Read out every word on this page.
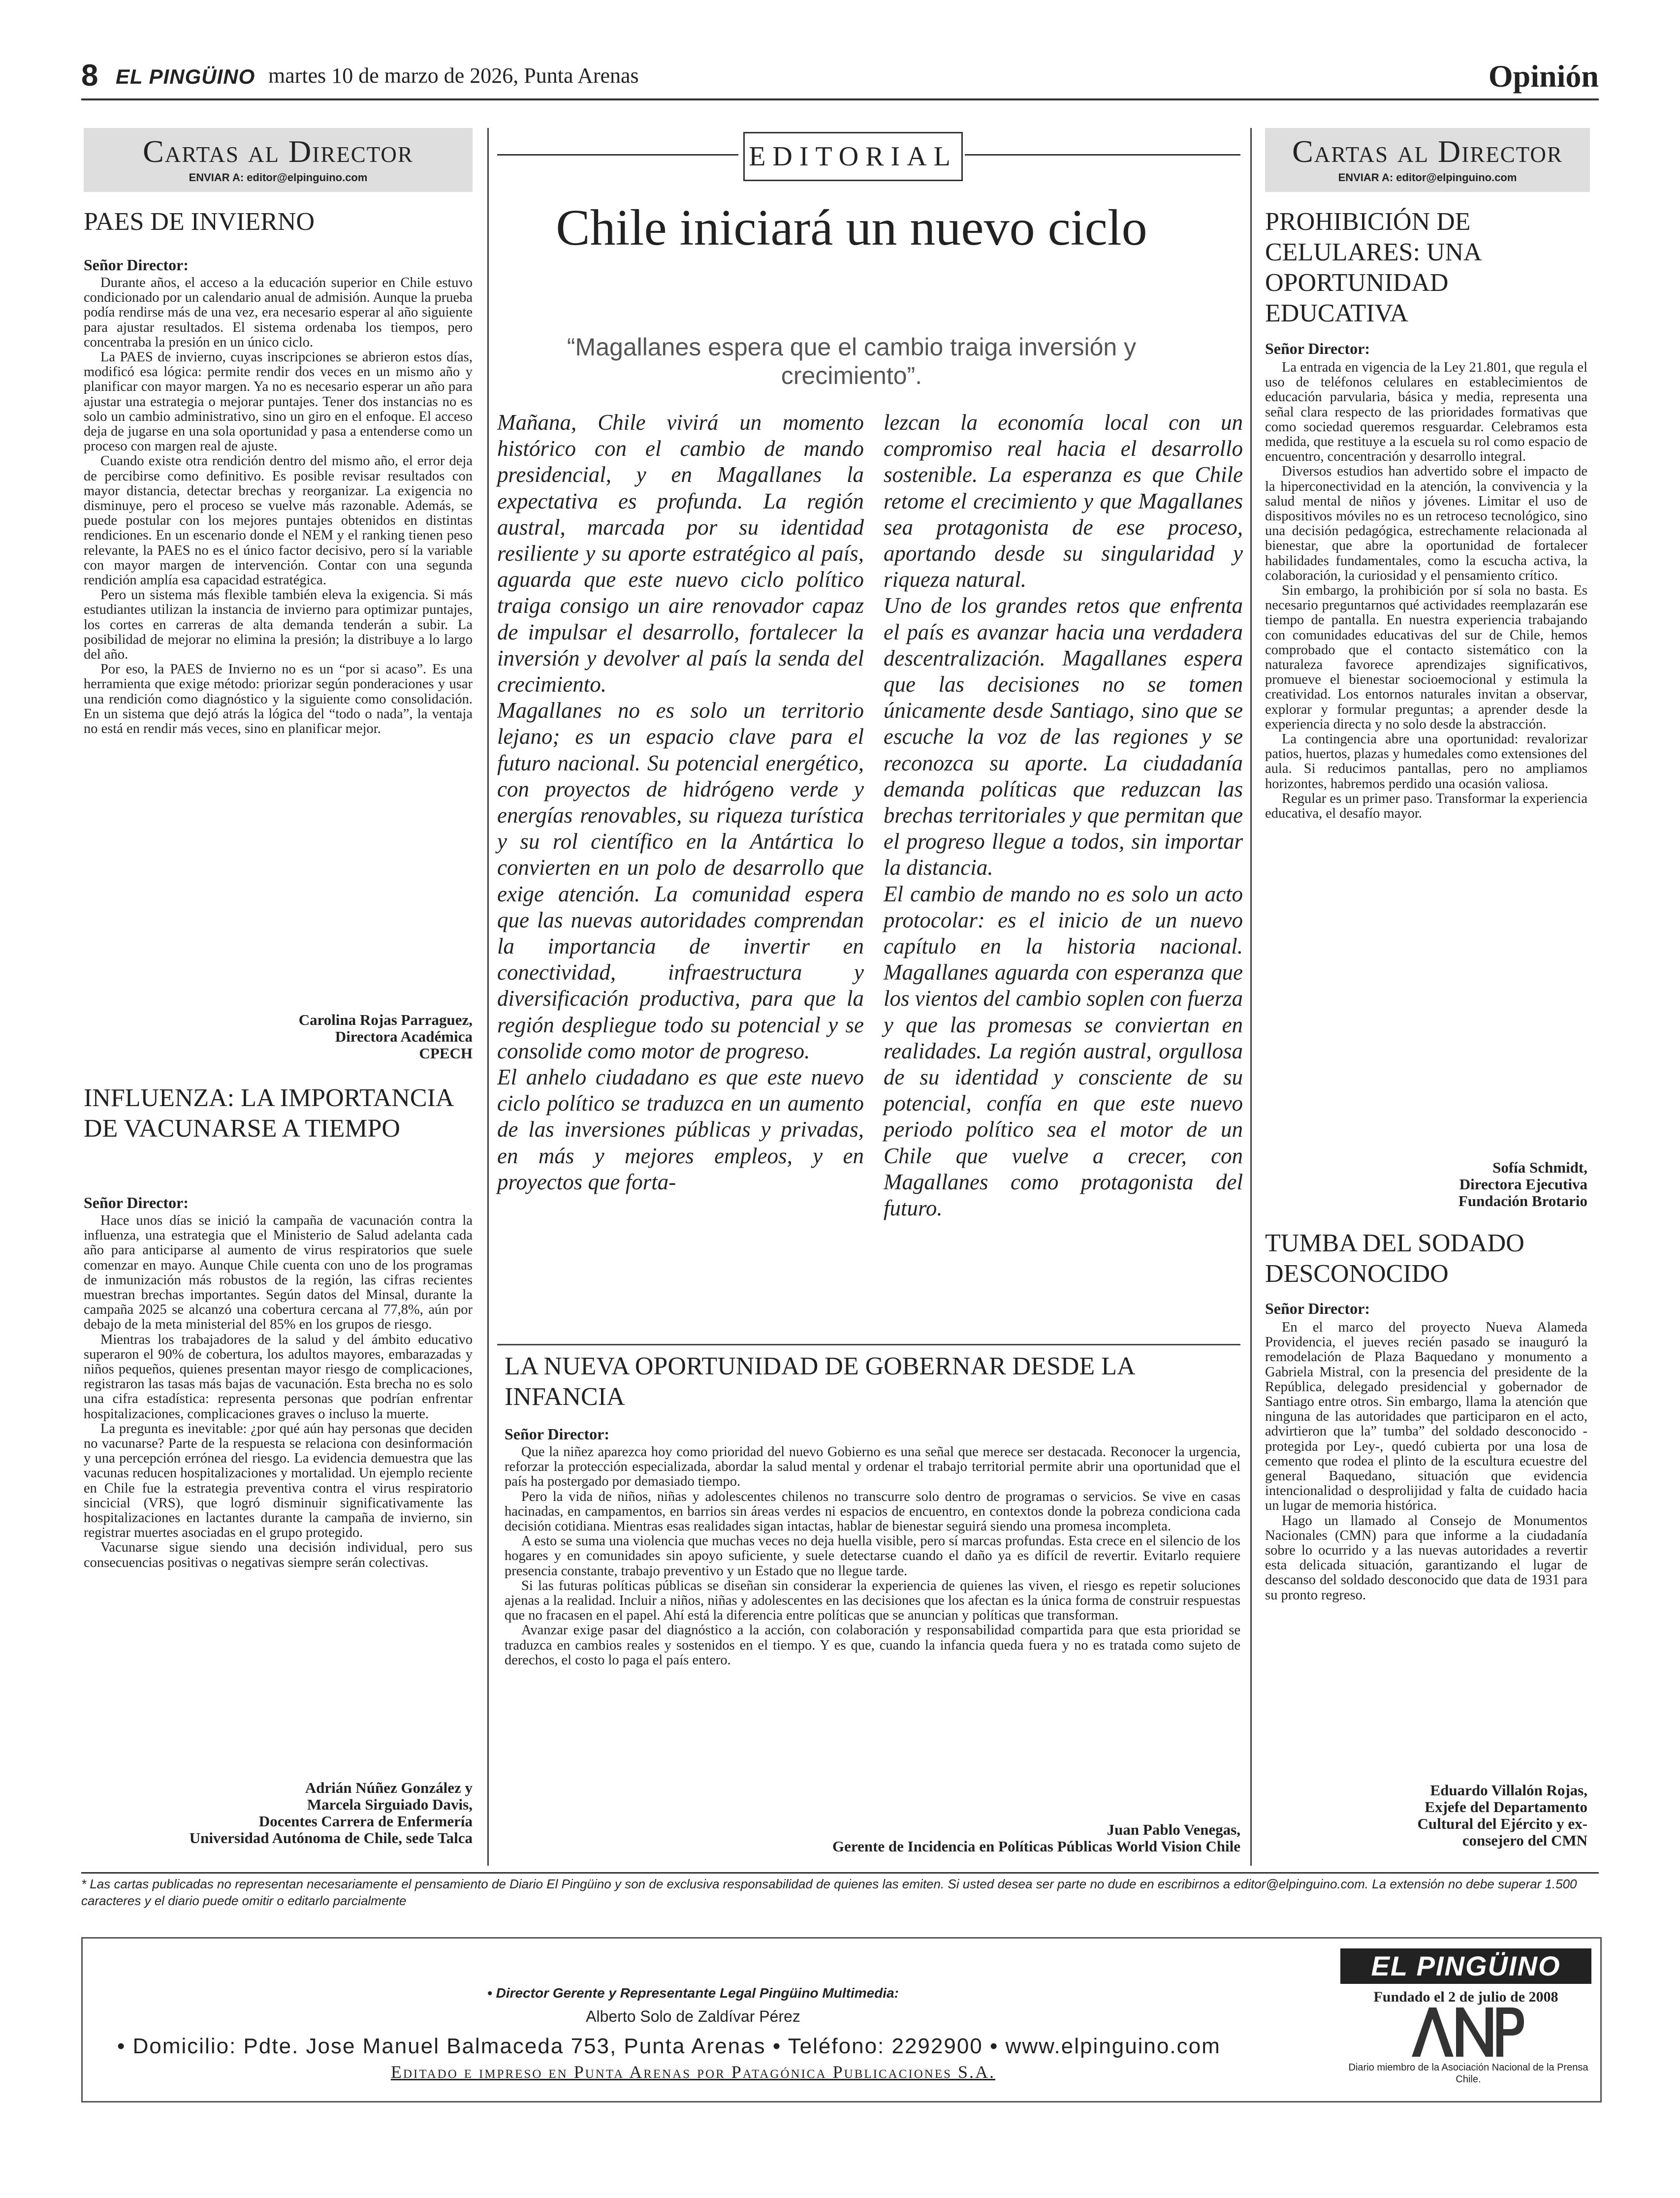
8 EL PINGÜINO martes 10 de marzo de 2026, Punta Arenas	Opinión
Cartas al Director
ENVIAR A: editor@elpinguino.com
PAES DE INVIERNO
Señor Director:

Durante años, el acceso a la educación superior en Chile estuvo condicionado por un calendario anual de admisión. Aunque la prueba podía rendirse más de una vez, era necesario esperar al año siguiente para ajustar resultados. El sistema ordenaba los tiempos, pero concentraba la presión en un único ciclo.

La PAES de invierno, cuyas inscripciones se abrieron estos días, modificó esa lógica: permite rendir dos veces en un mismo año y planificar con mayor margen. Ya no es necesario esperar un año para ajustar una estrategia o mejorar puntajes. Tener dos instancias no es solo un cambio administrativo, sino un giro en el enfoque. El acceso deja de jugarse en una sola oportunidad y pasa a entenderse como un proceso con margen real de ajuste.

Cuando existe otra rendición dentro del mismo año, el error deja de percibirse como definitivo. Es posible revisar resultados con mayor distancia, detectar brechas y reorganizar. La exigencia no disminuye, pero el proceso se vuelve más razonable. Además, se puede postular con los mejores puntajes obtenidos en distintas rendiciones. En un escenario donde el NEM y el ranking tienen peso relevante, la PAES no es el único factor decisivo, pero sí la variable con mayor margen de intervención. Contar con una segunda rendición amplía esa capacidad estratégica.

Pero un sistema más flexible también eleva la exigencia. Si más estudiantes utilizan la instancia de invierno para optimizar puntajes, los cortes en carreras de alta demanda tenderán a subir. La posibilidad de mejorar no elimina la presión; la distribuye a lo largo del año.

Por eso, la PAES de Invierno no es un “por si acaso”. Es una herramienta que exige método: priorizar según ponderaciones y usar una rendición como diagnóstico y la siguiente como consolidación. En un sistema que dejó atrás la lógica del “todo o nada”, la ventaja no está en rendir más veces, sino en planificar mejor.

Carolina Rojas Parraguez,
Directora Académica
CPECH
INFLUENZA: LA IMPORTANCIA DE VACUNARSE A TIEMPO
Señor Director:

Hace unos días se inició la campaña de vacunación contra la influenza, una estrategia que el Ministerio de Salud adelanta cada año para anticiparse al aumento de virus respiratorios que suele comenzar en mayo. Aunque Chile cuenta con uno de los programas de inmunización más robustos de la región, las cifras recientes muestran brechas importantes. Según datos del Minsal, durante la campaña 2025 se alcanzó una cobertura cercana al 77,8%, aún por debajo de la meta ministerial del 85% en los grupos de riesgo.

Mientras los trabajadores de la salud y del ámbito educativo superaron el 90% de cobertura, los adultos mayores, embarazadas y niños pequeños, quienes presentan mayor riesgo de complicaciones, registraron las tasas más bajas de vacunación. Esta brecha no es solo una cifra estadística: representa personas que podrían enfrentar hospitalizaciones, complicaciones graves o incluso la muerte.

La pregunta es inevitable: ¿por qué aún hay personas que deciden no vacunarse? Parte de la respuesta se relaciona con desinformación y una percepción errónea del riesgo. La evidencia demuestra que las vacunas reducen hospitalizaciones y mortalidad. Un ejemplo reciente en Chile fue la estrategia preventiva contra el virus respiratorio sincicial (VRS), que logró disminuir significativamente las hospitalizaciones en lactantes durante la campaña de invierno, sin registrar muertes asociadas en el grupo protegido.

Vacunarse sigue siendo una decisión individual, pero sus consecuencias positivas o negativas siempre serán colectivas.

Adrián Núñez González y
Marcela Sirguiado Davis,
Docentes Carrera de Enfermería
Universidad Autónoma de Chile, sede Talca
EDITORIAL
Chile iniciará un nuevo ciclo
“Magallanes espera que el cambio traiga inversión y crecimiento”.

Mañana, Chile vivirá un momento histórico con el cambio de mando presidencial, y en Magallanes la expectativa es profunda. La región austral, marcada por su identidad resiliente y su aporte estratégico al país, aguarda que este nuevo ciclo político traiga consigo un aire renovador capaz de impulsar el desarrollo, fortalecer la inversión y devolver al país la senda del crecimiento.

Magallanes no es solo un territorio lejano; es un espacio clave para el futuro nacional. Su potencial energético, con proyectos de hidrógeno verde y energías renovables, su riqueza turística y su rol científico en la Antártica lo convierten en un polo de desarrollo que exige atención. La comunidad espera que las nuevas autoridades comprendan la importancia de invertir en conectividad, infraestructura y diversificación productiva, para que la región despliegue todo su potencial y se consolide como motor de progreso.

El anhelo ciudadano es que este nuevo ciclo político se traduzca en un aumento de las inversiones públicas y privadas, en más y mejores empleos, y en proyectos que forta-

lezcan la economía local con un compromiso real hacia el desarrollo sostenible. La esperanza es que Chile retome el crecimiento y que Magallanes sea protagonista de ese proceso, aportando desde su singularidad y riqueza natural.

Uno de los grandes retos que enfrenta el país es avanzar hacia una verdadera descentralización. Magallanes espera que las decisiones no se tomen únicamente desde Santiago, sino que se escuche la voz de las regiones y se reconozca su aporte. La ciudadanía demanda políticas que reduzcan las brechas territoriales y que permitan que el progreso llegue a todos, sin importar la distancia.

El cambio de mando no es solo un acto protocolar: es el inicio de un nuevo capítulo en la historia nacional. Magallanes aguarda con esperanza que los vientos del cambio soplen con fuerza y que las promesas se conviertan en realidades. La región austral, orgullosa de su identidad y consciente de su potencial, confía en que este nuevo periodo político sea el motor de un Chile que vuelve a crecer, con Magallanes como protagonista del futuro.

LA NUEVA OPORTUNIDAD DE GOBERNAR DESDE LA INFANCIA
Señor Director:

Que la niñez aparezca hoy como prioridad del nuevo Gobierno es una señal que merece ser destacada. Reconocer la urgencia, reforzar la protección especializada, abordar la salud mental y ordenar el trabajo territorial permite abrir una oportunidad que el país ha postergado por demasiado tiempo.

Pero la vida de niños, niñas y adolescentes chilenos no transcurre solo dentro de programas o servicios. Se vive en casas hacinadas, en campamentos, en barrios sin áreas verdes ni espacios de encuentro, en contextos donde la pobreza condiciona cada decisión cotidiana. Mientras esas realidades sigan intactas, hablar de bienestar seguirá siendo una promesa incompleta.

A esto se suma una violencia que muchas veces no deja huella visible, pero sí marcas profundas. Esta crece en el silencio de los hogares y en comunidades sin apoyo suficiente, y suele detectarse cuando el daño ya es difícil de revertir. Evitarlo requiere presencia constante, trabajo preventivo y un Estado que no llegue tarde.

Si las futuras políticas públicas se diseñan sin considerar la experiencia de quienes las viven, el riesgo es repetir soluciones ajenas a la realidad. Incluir a niños, niñas y adolescentes en las decisiones que los afectan es la única forma de construir respuestas que no fracasen en el papel. Ahí está la diferencia entre políticas que se anuncian y políticas que transforman.

Avanzar exige pasar del diagnóstico a la acción, con colaboración y responsabilidad compartida para que esta prioridad se traduzca en cambios reales y sostenidos en el tiempo. Y es que, cuando la infancia queda fuera y no es tratada como sujeto de derechos, el costo lo paga el país entero.

Juan Pablo Venegas,
Gerente de Incidencia en Políticas Públicas World Vision Chile
Cartas al Director
ENVIAR A: editor@elpinguino.com
PROHIBICIÓN DE CELULARES: UNA OPORTUNIDAD EDUCATIVA
Señor Director:

La entrada en vigencia de la Ley 21.801, que regula el uso de teléfonos celulares en establecimientos de educación parvularia, básica y media, representa una señal clara respecto de las prioridades formativas que como sociedad queremos resguardar. Celebramos esta medida, que restituye a la escuela su rol como espacio de encuentro, concentración y desarrollo integral.

Diversos estudios han advertido sobre el impacto de la hiperconectividad en la atención, la convivencia y la salud mental de niños y jóvenes. Limitar el uso de dispositivos móviles no es un retroceso tecnológico, sino una decisión pedagógica, estrechamente relacionada al bienestar, que abre la oportunidad de fortalecer habilidades fundamentales, como la escucha activa, la colaboración, la curiosidad y el pensamiento crítico.

Sin embargo, la prohibición por sí sola no basta. Es necesario preguntarnos qué actividades reemplazarán ese tiempo de pantalla. En nuestra experiencia trabajando con comunidades educativas del sur de Chile, hemos comprobado que el contacto sistemático con la naturaleza favorece aprendizajes significativos, promueve el bienestar socioemocional y estimula la creatividad. Los entornos naturales invitan a observar, explorar y formular preguntas; a aprender desde la experiencia directa y no solo desde la abstracción.

La contingencia abre una oportunidad: revalorizar patios, huertos, plazas y humedales como extensiones del aula. Si reducimos pantallas, pero no ampliamos horizontes, habremos perdido una ocasión valiosa.

Regular es un primer paso. Transformar la experiencia educativa, el desafío mayor.

Sofía Schmidt,
Directora Ejecutiva
Fundación Brotario
TUMBA DEL SODADO DESCONOCIDO
Señor Director:

En el marco del proyecto Nueva Alameda Providencia, el jueves recién pasado se inauguró la remodelación de Plaza Baquedano y monumento a Gabriela Mistral, con la presencia del presidente de la República, delegado presidencial y gobernador de Santiago entre otros. Sin embargo, llama la atención que ninguna de las autoridades que participaron en el acto, advirtieron que la” tumba” del soldado desconocido -protegida por Ley-, quedó cubierta por una losa de cemento que rodea el plinto de la escultura ecuestre del general Baquedano, situación que evidencia intencionalidad o desprolijidad y falta de cuidado hacia un lugar de memoria histórica.

Hago un llamado al Consejo de Monumentos Nacionales (CMN) para que informe a la ciudadanía sobre lo ocurrido y a las nuevas autoridades a revertir esta delicada situación, garantizando el lugar de descanso del soldado desconocido que data de 1931 para su pronto regreso.

Eduardo Villalón Rojas,
Exjefe del Departamento
Cultural del Ejército y ex-
consejero del CMN
* Las cartas publicadas no representan necesariamente el pensamiento de Diario El Pingüino y son de exclusiva responsabilidad de quienes las emiten. Si usted desea ser parte no dude en escribirnos a editor@elpinguino.com. La extensión no debe superar 1.500 caracteres y el diario puede omitir o editarlo parcialmente
• Director Gerente y Representante Legal Pingüino Multimedia:
Alberto Solo de Zaldívar Pérez
• Domicilio: Pdte. Jose Manuel Balmaceda 753, Punta Arenas • Teléfono: 2292900 • www.elpinguino.com
Editado e impreso en Punta Arenas por Patagónica Publicaciones S.A.
EL PINGÜINO
Fundado el 2 de julio de 2008
ANP
Diario miembro de la Asociación Nacional de la Prensa Chile.
